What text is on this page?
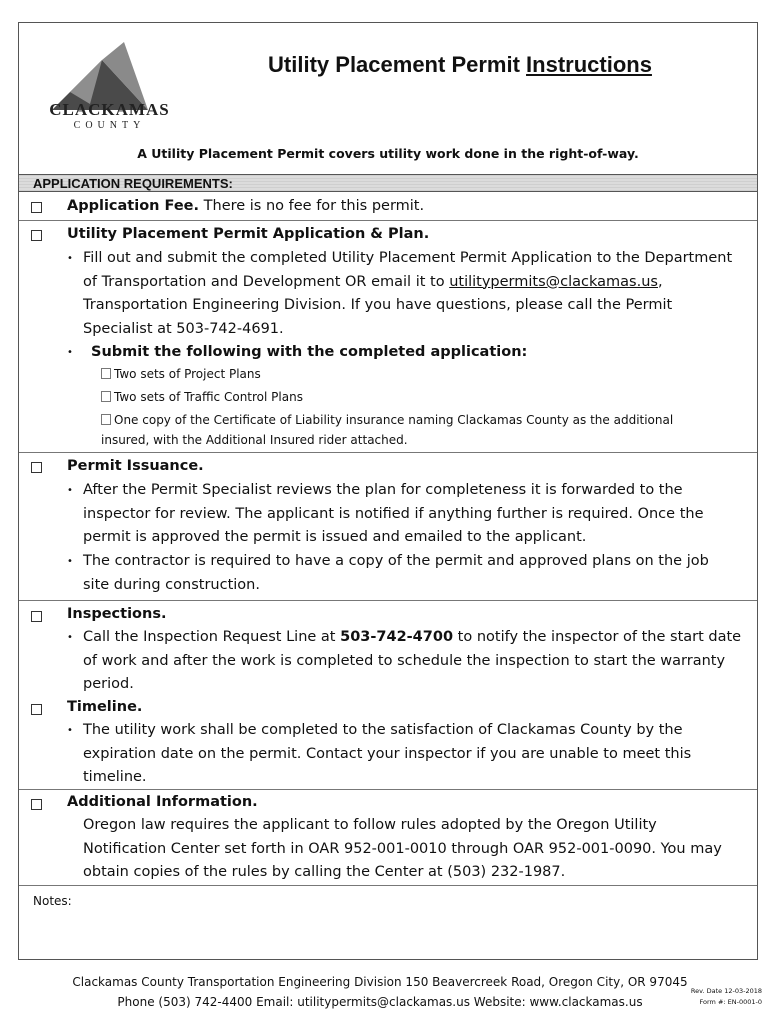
CLACKAMAS
COUNTY
Utility Placement Permit Instructions
A Utility Placement Permit covers utility work done in the right-of-way.
APPLICATION REQUIREMENTS:
Application Fee. There is no fee for this permit.
Utility Placement Permit Application & Plan.
• Fill out and submit the completed Utility Placement Permit Application to the Department
of Transportation and Development OR email it to utilitypermits@clackamas.us,
Transportation Engineering Division. If you have questions, please call the Permit
Specialist at 503-742-4691.
• Submit the following with the completed application:
Two sets of Project Plans
Two sets of Traffic Control Plans
One copy of the Certificate of Liability insurance naming Clackamas County as the additional
insured, with the Additional Insured rider attached.
Permit Issuance.
• After the Permit Specialist reviews the plan for completeness it is forwarded to the
inspector for review. The applicant is notified if anything further is required. Once the
permit is approved the permit is issued and emailed to the applicant.
• The contractor is required to have a copy of the permit and approved plans on the job
site during construction.
Inspections.
• Call the Inspection Request Line at 503-742-4700 to notify the inspector of the start date
of work and after the work is completed to schedule the inspection to start the warranty
period.
Timeline.
• The utility work shall be completed to the satisfaction of Clackamas County by the
expiration date on the permit. Contact your inspector if you are unable to meet this
timeline.
Additional Information.
Oregon law requires the applicant to follow rules adopted by the Oregon Utility
Notification Center set forth in OAR 952-001-0010 through OAR 952-001-0090. You may
obtain copies of the rules by calling the Center at (503) 232-1987.
Notes:
Clackamas County Transportation Engineering Division 150 Beavercreek Road, Oregon City, OR 97045
Phone (503) 742-4400 Email: utilitypermits@clackamas.us Website: www.clackamas.us
Rev. Date 12-03-2018
Form #: EN-0001-0
